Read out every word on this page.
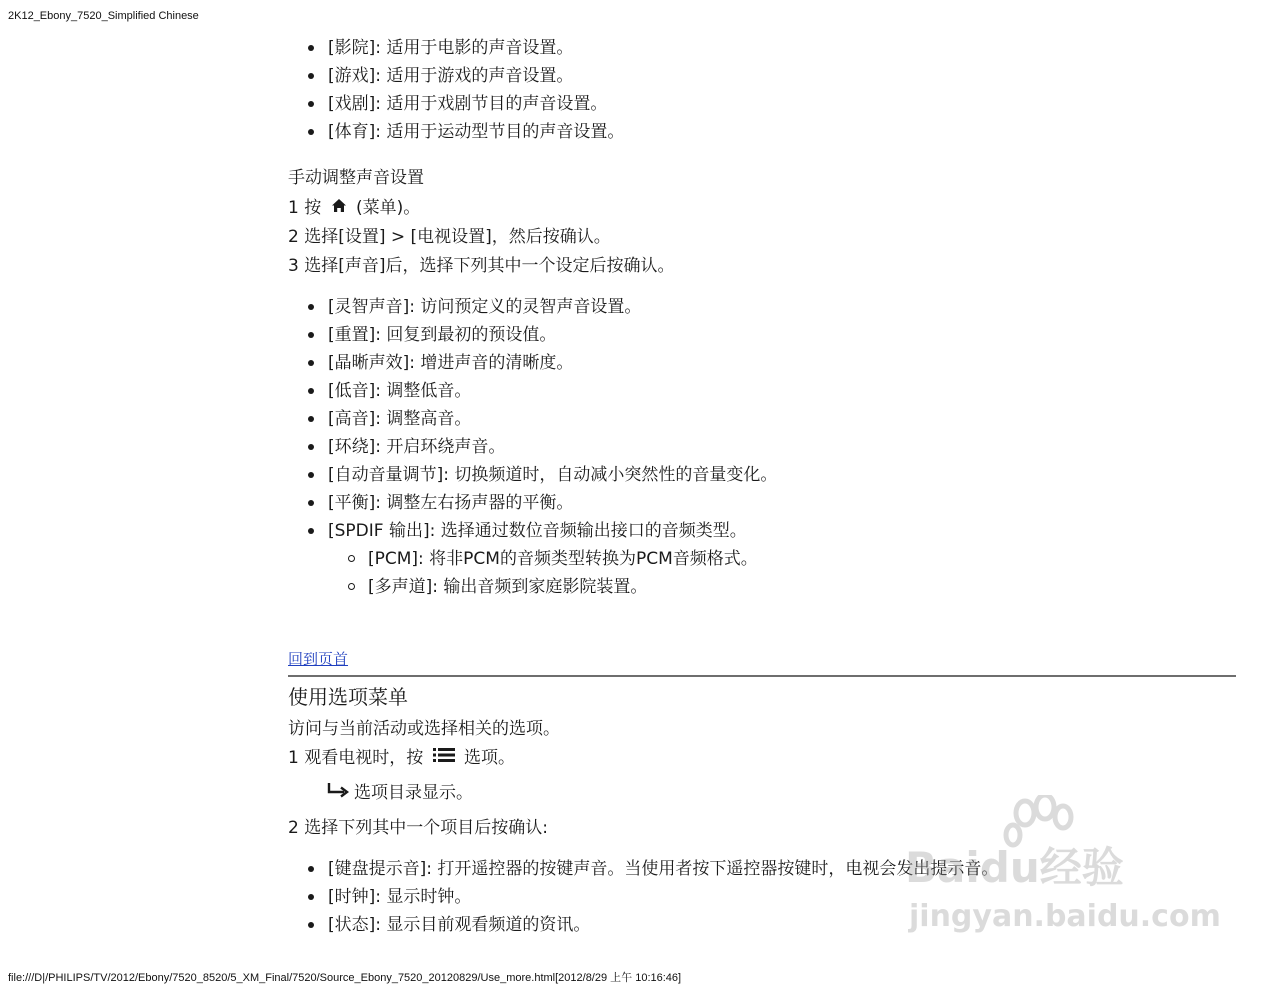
2K12_Ebony_7520_Simplified Chinese
[影院]: 适用于电影的声音设置。
[游戏]: 适用于游戏的声音设置。
[戏剧]: 适用于戏剧节目的声音设置。
[体育]: 适用于运动型节目的声音设置。
手动调整声音设置
1 按 (菜单)。
2 选择[设置] > [电视设置]，然后按确认。
3 选择[声音]后，选择下列其中一个设定后按确认。
[灵智声音]: 访问预定义的灵智声音设置。
[重置]: 回复到最初的预设值。
[晶晰声效]: 增进声音的清晰度。
[低音]: 调整低音。
[高音]: 调整高音。
[环绕]: 开启环绕声音。
[自动音量调节]: 切换频道时，自动减小突然性的音量变化。
[平衡]: 调整左右扬声器的平衡。
[SPDIF 输出]: 选择通过数位音频输出接口的音频类型。
[PCM]: 将非PCM的音频类型转换为PCM音频格式。
[多声道]: 输出音频到家庭影院装置。
回到页首
使用选项菜单
访问与当前活动或选择相关的选项。
1 观看电视时，按 选项。
选项目录显示。
2 选择下列其中一个项目后按确认:
[键盘提示音]: 打开遥控器的按键声音。当使用者按下遥控器按键时，电视会发出提示音。
[时钟]: 显示时钟。
[状态]: 显示目前观看频道的资讯。
Baidu经验
jingyan.baidu.com
file:///D|/PHILIPS/TV/2012/Ebony/7520_8520/5_XM_Final/7520/Source_Ebony_7520_20120829/Use_more.html[2012/8/29 上午 10:16:46]
